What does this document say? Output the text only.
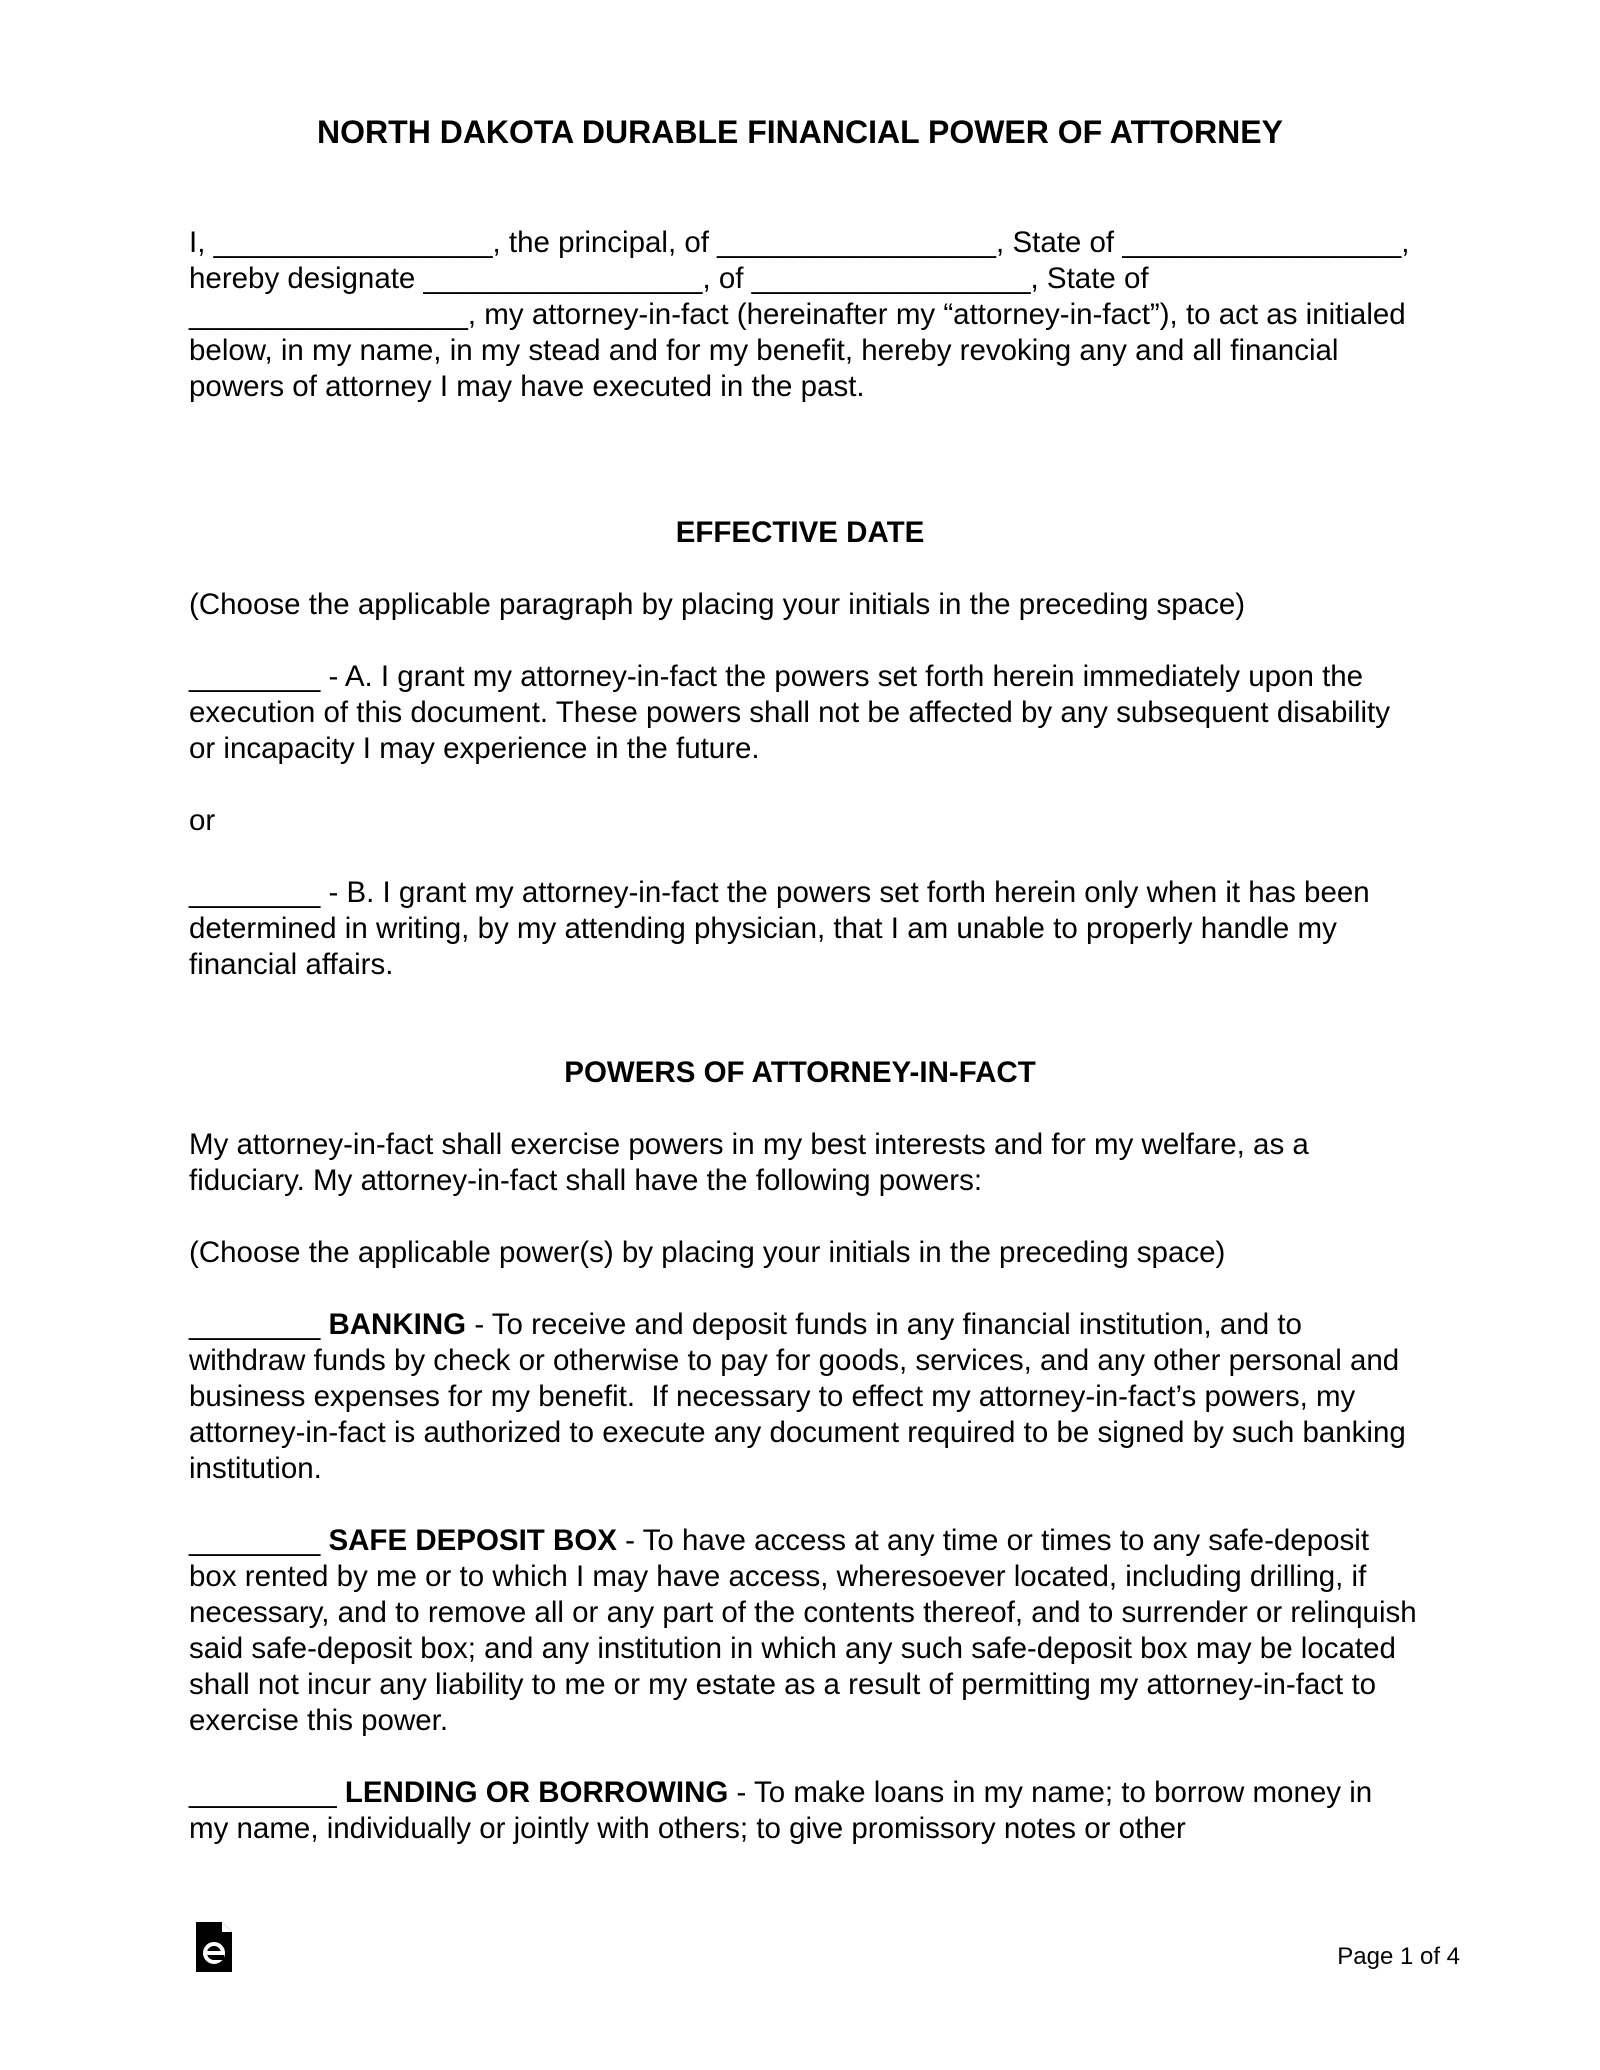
NORTH DAKOTA DURABLE FINANCIAL POWER OF ATTORNEY

I, _________________, the principal, of _________________, State of _________________, hereby designate _________________, of _________________, State of _________________, my attorney-in-fact (hereinafter my “attorney-in-fact”), to act as initialed below, in my name, in my stead and for my benefit, hereby revoking any and all financial powers of attorney I may have executed in the past.

EFFECTIVE DATE

(Choose the applicable paragraph by placing your initials in the preceding space)

________ - A. I grant my attorney-in-fact the powers set forth herein immediately upon the execution of this document. These powers shall not be affected by any subsequent disability or incapacity I may experience in the future.

or

________ - B. I grant my attorney-in-fact the powers set forth herein only when it has been determined in writing, by my attending physician, that I am unable to properly handle my financial affairs.

POWERS OF ATTORNEY-IN-FACT

My attorney-in-fact shall exercise powers in my best interests and for my welfare, as a fiduciary. My attorney-in-fact shall have the following powers:

(Choose the applicable power(s) by placing your initials in the preceding space)

________ BANKING - To receive and deposit funds in any financial institution, and to withdraw funds by check or otherwise to pay for goods, services, and any other personal and business expenses for my benefit.  If necessary to effect my attorney-in-fact’s powers, my attorney-in-fact is authorized to execute any document required to be signed by such banking institution.

________ SAFE DEPOSIT BOX - To have access at any time or times to any safe-deposit box rented by me or to which I may have access, wheresoever located, including drilling, if necessary, and to remove all or any part of the contents thereof, and to surrender or relinquish said safe-deposit box; and any institution in which any such safe-deposit box may be located shall not incur any liability to me or my estate as a result of permitting my attorney-in-fact to exercise this power.

_________ LENDING OR BORROWING - To make loans in my name; to borrow money in my name, individually or jointly with others; to give promissory notes or other

Page 1 of 4
